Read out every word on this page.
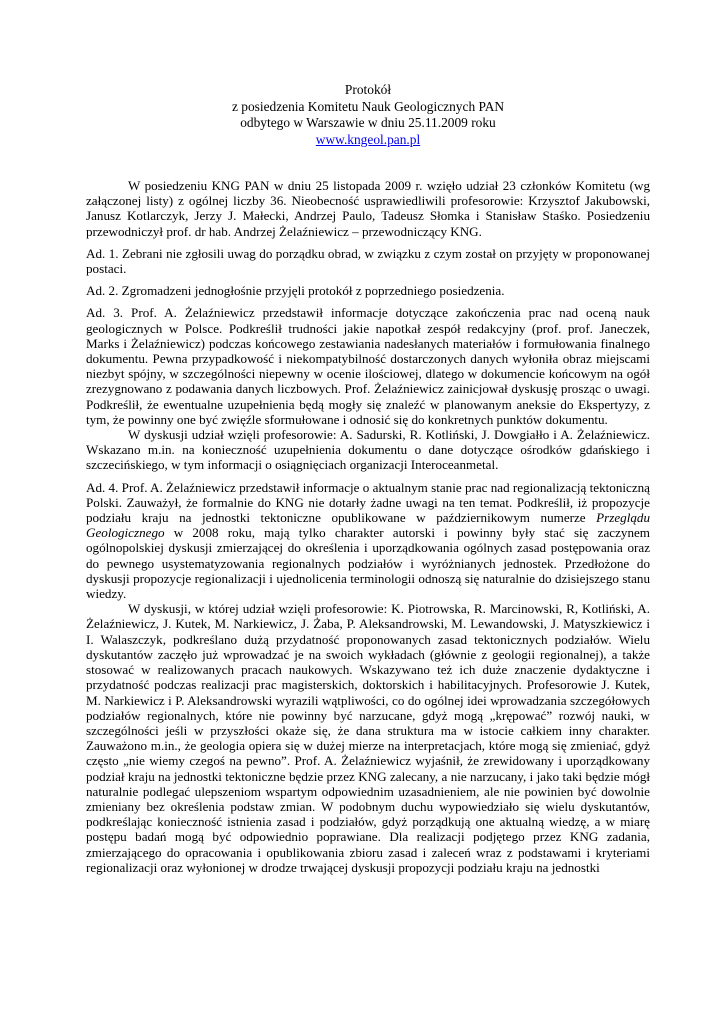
Protokół
z posiedzenia Komitetu Nauk Geologicznych PAN
odbytego w Warszawie w dniu 25.11.2009 roku
www.kngeol.pan.pl

W posiedzeniu KNG PAN w dniu 25 listopada 2009 r. wzięło udział 23 członków Komitetu (wg załączonej listy) z ogólnej liczby 36. Nieobecność usprawiedliwili profesorowie: Krzysztof Jakubowski, Janusz Kotlarczyk, Jerzy J. Małecki, Andrzej Paulo, Tadeusz Słomka i Stanisław Staśko. Posiedzeniu przewodniczył prof. dr hab. Andrzej Żelaźniewicz – przewodniczący KNG.

Ad. 1. Zebrani nie zgłosili uwag do porządku obrad, w związku z czym został on przyjęty w proponowanej postaci.

Ad. 2. Zgromadzeni jednogłośnie przyjęli protokół z poprzedniego posiedzenia.

Ad. 3. Prof. A. Żelaźniewicz przedstawił informacje dotyczące zakończenia prac nad oceną nauk geologicznych w Polsce. Podkreślił trudności jakie napotkał zespół redakcyjny (prof. prof. Janeczek, Marks i Żelaźniewicz) podczas końcowego zestawiania nadesłanych materiałów i formułowania finalnego dokumentu. Pewna przypadkowość i niekompatybilność dostarczonych danych wyłoniła obraz miejscami niezbyt spójny, w szczególności niepewny w ocenie ilościowej, dlatego w dokumencie końcowym na ogół zrezygnowano z podawania danych liczbowych. Prof. Żelaźniewicz zainicjował dyskusję prosząc o uwagi. Podkreślił, że ewentualne uzupełnienia będą mogły się znaleźć w planowanym aneksie do Ekspertyzy, z tym, że powinny one być zwięźle sformułowane i odnosić się do konkretnych punktów dokumentu.

W dyskusji udział wzięli profesorowie: A. Sadurski, R. Kotliński, J. Dowgiałło i A. Żelaźniewicz. Wskazano m.in. na konieczność uzupełnienia dokumentu o dane dotyczące ośrodków gdańskiego i szczecińskiego, w tym informacji o osiągnięciach organizacji Interoceanmetal.

Ad. 4. Prof. A. Żelaźniewicz przedstawił informacje o aktualnym stanie prac nad regionalizacją tektoniczną Polski. Zauważył, że formalnie do KNG nie dotarły żadne uwagi na ten temat. Podkreślił, iż propozycje podziału kraju na jednostki tektoniczne opublikowane w październikowym numerze Przeglądu Geologicznego w 2008 roku, mają tylko charakter autorski i powinny były stać się zaczynem ogólnopolskiej dyskusji zmierzającej do określenia i uporządkowania ogólnych zasad postępowania oraz do pewnego usystematyzowania regionalnych podziałów i wyróżnianych jednostek. Przedłożone do dyskusji propozycje regionalizacji i ujednolicenia terminologii odnoszą się naturalnie do dzisiejszego stanu wiedzy.

W dyskusji, w której udział wzięli profesorowie: K. Piotrowska, R. Marcinowski, R, Kotliński, A. Żelaźniewicz, J. Kutek, M. Narkiewicz, J. Żaba, P. Aleksandrowski, M. Lewandowski, J. Matyszkiewicz i I. Walaszczyk, podkreślano dużą przydatność proponowanych zasad tektonicznych podziałów. Wielu dyskutantów zaczęło już wprowadzać je na swoich wykładach (głównie z geologii regionalnej), a także stosować w realizowanych pracach naukowych. Wskazywano też ich duże znaczenie dydaktyczne i przydatność podczas realizacji prac magisterskich, doktorskich i habilitacyjnych. Profesorowie J. Kutek, M. Narkiewicz i P. Aleksandrowski wyrazili wątpliwości, co do ogólnej idei wprowadzania szczegółowych podziałów regionalnych, które nie powinny być narzucane, gdyż mogą „krępować” rozwój nauki, w szczególności jeśli w przyszłości okaże się, że dana struktura ma w istocie całkiem inny charakter. Zauważono m.in., że geologia opiera się w dużej mierze na interpretacjach, które mogą się zmieniać, gdyż często „nie wiemy czegoś na pewno”. Prof. A. Żelaźniewicz wyjaśnił, że zrewidowany i uporządkowany podział kraju na jednostki tektoniczne będzie przez KNG zalecany, a nie narzucany, i jako taki będzie mógł naturalnie podlegać ulepszeniom wspartym odpowiednim uzasadnieniem, ale nie powinien być dowolnie zmieniany bez określenia podstaw zmian. W podobnym duchu wypowiedziało się wielu dyskutantów, podkreślając konieczność istnienia zasad i podziałów, gdyż porządkują one aktualną wiedzę, a w miarę postępu badań mogą być odpowiednio poprawiane. Dla realizacji podjętego przez KNG zadania, zmierzającego do opracowania i opublikowania zbioru zasad i zaleceń wraz z podstawami i kryteriami regionalizacji oraz wyłonionej w drodze trwającej dyskusji propozycji podziału kraju na jednostki
